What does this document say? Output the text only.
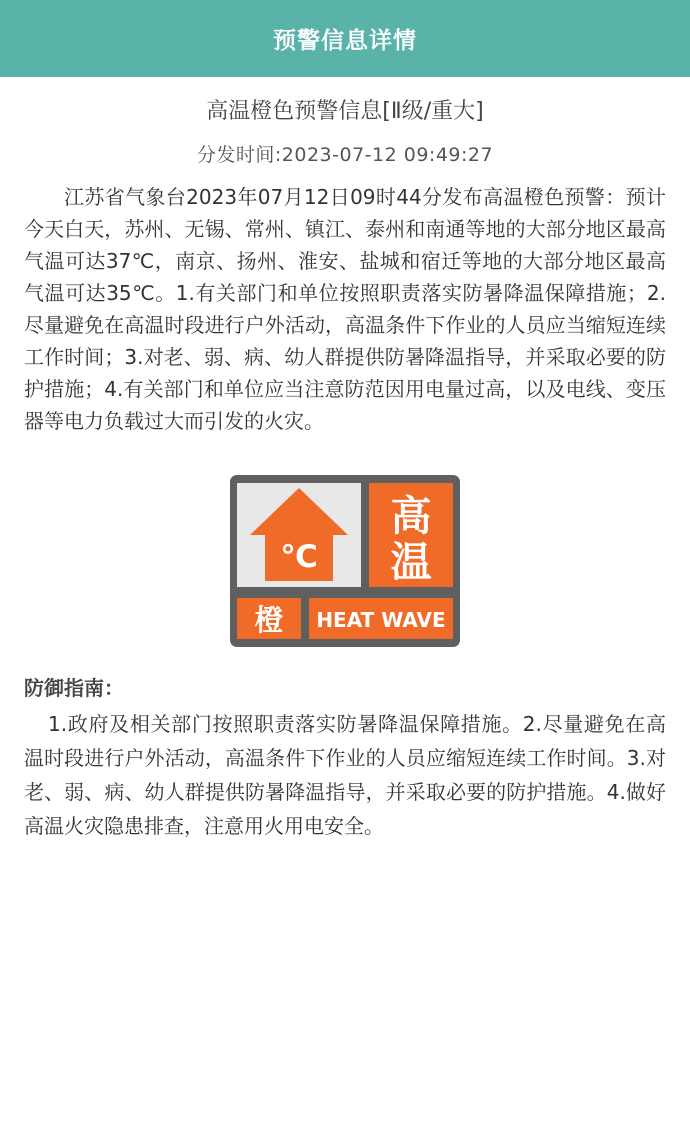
预警信息详情
高温橙色预警信息[Ⅱ级/重大]
分发时间:2023-07-12 09:49:27
江苏省气象台2023年07月12日09时44分发布高温橙色预警：预计今天白天，苏州、无锡、常州、镇江、泰州和南通等地的大部分地区最高气温可达37℃，南京、扬州、淮安、盐城和宿迁等地的大部分地区最高气温可达35℃。1.有关部门和单位按照职责落实防暑降温保障措施；2.尽量避免在高温时段进行户外活动，高温条件下作业的人员应当缩短连续工作时间；3.对老、弱、病、幼人群提供防暑降温指导，并采取必要的防护措施；4.有关部门和单位应当注意防范因用电量过高，以及电线、变压器等电力负载过大而引发的火灾。
℃
高
温
橙 HEAT WAVE
防御指南：
1.政府及相关部门按照职责落实防暑降温保障措施。2.尽量避免在高温时段进行户外活动，高温条件下作业的人员应缩短连续工作时间。3.对老、弱、病、幼人群提供防暑降温指导，并采取必要的防护措施。4.做好高温火灾隐患排查，注意用火用电安全。
